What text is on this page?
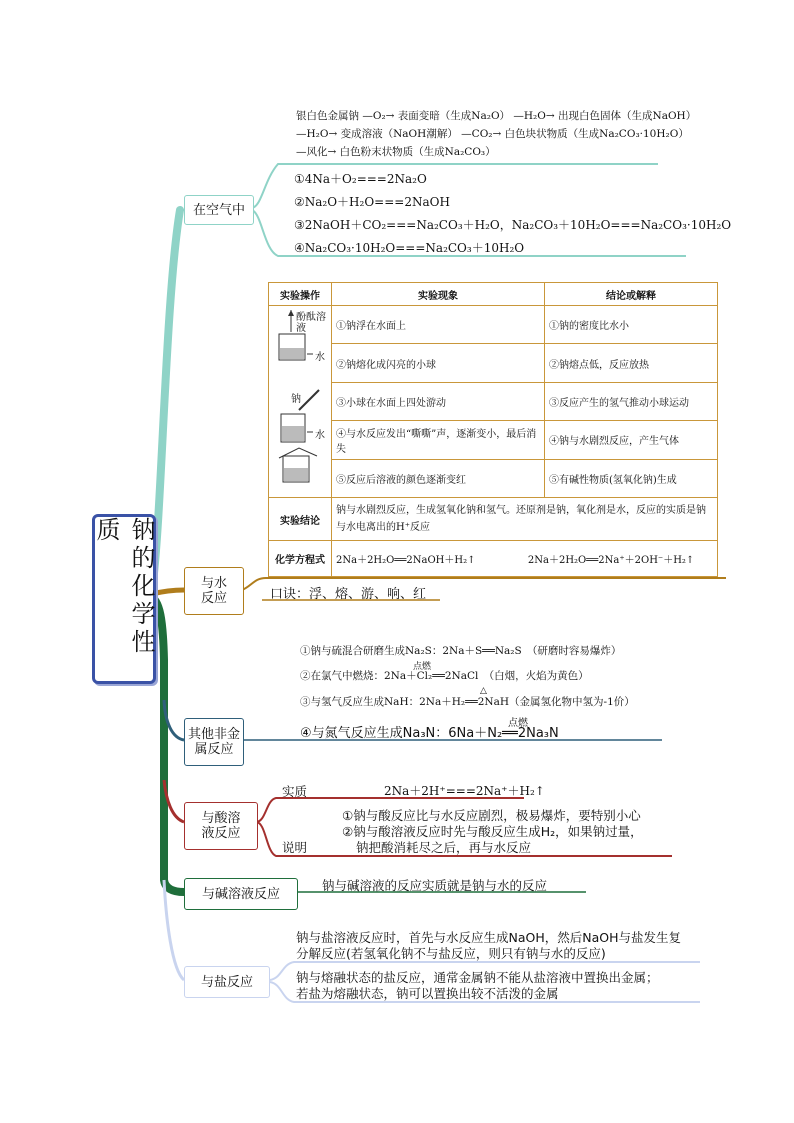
钠的化学性质
在空气中
银白色金属钠 —O₂→ 表面变暗（生成Na₂O） —H₂O→ 出现白色固体（生成NaOH）
—H₂O→ 变成溶液（NaOH潮解） —CO₂→ 白色块状物质（生成Na₂CO₃·10H₂O）
—风化→ 白色粉末状物质（生成Na₂CO₃）
①4Na＋O₂===2Na₂O
②Na₂O＋H₂O===2NaOH
③2NaOH＋CO₂===Na₂CO₃＋H₂O，Na₂CO₃＋10H₂O===Na₂CO₃·10H₂O
④Na₂CO₃·10H₂O===Na₂CO₃＋10H₂O
实验操作	实验现象	结论或解释

酚酞溶液
水
钠
水	①钠浮在水面上	①钠的密度比水小
	②钠熔化成闪亮的小球	②钠熔点低，反应放热
	③小球在水面上四处游动	③反应产生的氢气推动小球运动
	④与水反应发出“嘶嘶”声，逐渐变小，最后消失	④钠与水剧烈反应，产生气体
	⑤反应后溶液的颜色逐渐变红	⑤有碱性物质(氢氧化钠)生成
实验结论	钠与水剧烈反应，生成氢氧化钠和氢气。还原剂是钠，氧化剂是水，反应的实质是钠与水电离出的H⁺反应	
化学方程式	2Na＋2H₂O══2NaOH＋H₂↑ 2Na＋2H₂O══2Na⁺＋2OH⁻＋H₂↑	
与水反应	口诀：浮、熔、游、响、红
其他非金属反应
①钠与硫混合研磨生成Na₂S：2Na＋S══Na₂S　（研磨时容易爆炸）
②在氯气中燃烧：2Na＋Cl₂══2NaCl　（白烟，火焰为黄色）
点燃
③与氢气反应生成NaH：2Na＋H₂══2NaH（金属氢化物中氢为-1价）
△
④与氮气反应生成Na₃N：6Na＋N₂══2Na₃N
点燃
与酸溶液反应
实质	2Na＋2H⁺===2Na⁺＋H₂↑
说明
①钠与酸反应比与水反应剧烈，极易爆炸，要特别小心
②钠与酸溶液反应时先与酸反应生成H₂，如果钠过量，
钠把酸消耗尽之后，再与水反应
与碱溶液反应
钠与碱溶液的反应实质就是钠与水的反应
与盐反应
钠与盐溶液反应时，首先与水反应生成NaOH，然后NaOH与盐发生复
分解反应(若氢氧化钠不与盐反应，则只有钠与水的反应)
钠与熔融状态的盐反应，通常金属钠不能从盐溶液中置换出金属；
若盐为熔融状态，钠可以置换出较不活泼的金属
